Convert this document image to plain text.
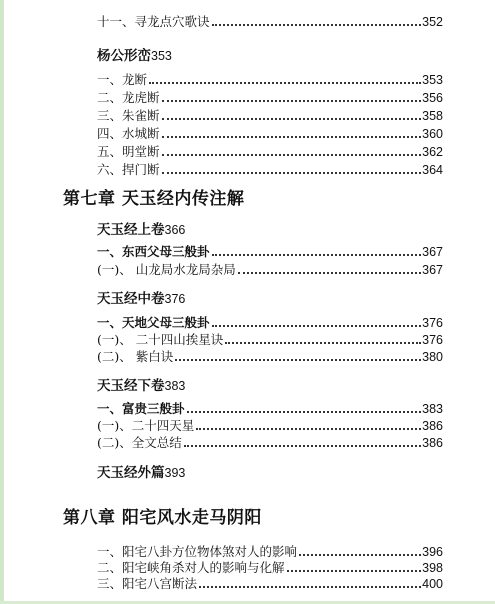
十一、寻龙点穴歌诀	352
杨公形峦353
一、龙断	353
二、龙虎断	356
三、朱雀断	358
四、水城断	360
五、明堂断	362
六、捍门断	364
第七章 天玉经内传注解
天玉经上卷366
一、东西父母三般卦	367
(一)、 山龙局水龙局杂局	367
天玉经中卷376
一、天地父母三般卦	376
(一)、 二十四山挨星诀	376
(二)、 紫白诀	380
天玉经下卷383
一、富贵三般卦	383
(一)、二十四天星	386
(二)、全文总结	386
天玉经外篇393
第八章 阳宅风水走马阴阳
一、阳宅八卦方位物体煞对人的影响	396
二、阳宅峡角杀对人的影响与化解	398
三、阳宅八宫断法	400
